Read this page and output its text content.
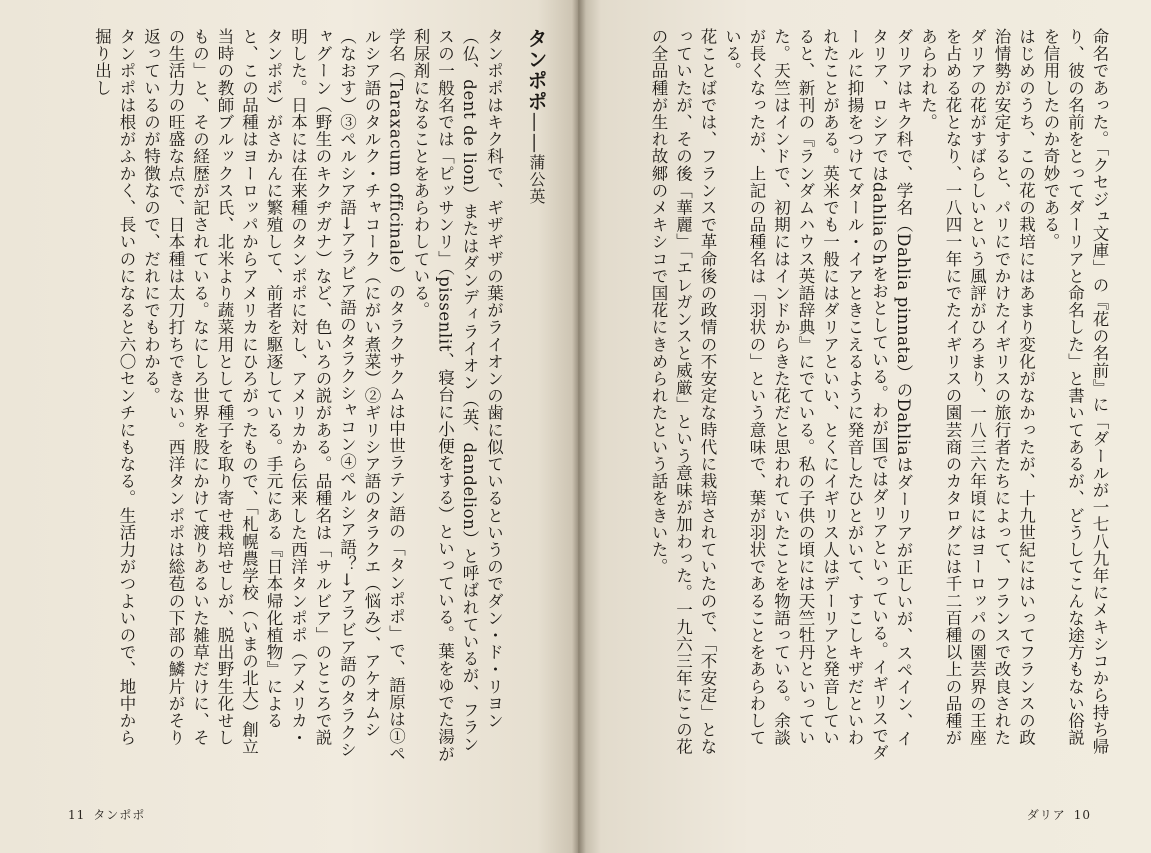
タンポポ——蒲公英

タンポポはキク科で、ギザギザの葉がライオンの歯に似ているというのでダン・ド・リヨン（仏、dent de lion）またはダンディライオン（英、dandelion）と呼ばれているが、フランスの一般名では「ピッサンリ」（pissenlit、寝台に小便をする）といっている。葉をゆでた湯が利尿剤になることをあらわしている。

学名（Taraxacum officinale）のタラクサクムは中世ラテン語の「タンポポ」で、語原は①ペルシア語のタルク・チャコーク（にがい煮菜）②ギリシア語のタラクエ（悩み）、アケオムシ（なおす）③ペルシア語→アラビア語のタラクシャコン④ペルシア語？→アラビア語のタラクシャグーン（野生のキクヂガナ）など、色いろの説がある。品種名は「サルビア」のところで説明した。日本には在来種のタンポポに対し、アメリカから伝来した西洋タンポポ（アメリカ・タンポポ）がさかんに繁殖して、前者を駆逐している。手元にある『日本帰化植物』によると、この品種はヨーロッパからアメリカにひろがったもので、「札幌農学校（いまの北大）創立当時の教師ブルックス氏、北米より蔬菜用として種子を取り寄せ栽培せしが、脱出野生化せしもの」と、その経歴が記されている。なにしろ世界を股にかけて渡りあるいた雑草だけに、その生活力の旺盛な点で、日本種は太刀打ちできない。西洋タンポポは総苞の下部の鱗片がそり返っているのが特徴なので、だれにでもわかる。

タンポポは根がふかく、長いのになると六〇センチにもなる。生活力がつよいので、地中から掘り出し

11 タンポポ

命名であった。「クセジュ文庫」の『花の名前』に「ダールが一七八九年にメキシコから持ち帰り、彼の名前をとってダーリアと命名した」と書いてあるが、どうしてこんな途方もない俗説を信用したのか奇妙である。

はじめのうち、この花の栽培にはあまり変化がなかったが、十九世紀にはいってフランスの政治情勢が安定すると、パリにでかけたイギリスの旅行者たちによって、フランスで改良されたダリアの花がすばらしいという風評がひろまり、一八三六年頃にはヨーロッパの園芸界の王座を占める花となり、一八四一年にでたイギリスの園芸商のカタログには千二百種以上の品種があらわれた。

ダリアはキク科で、学名（Dahlia pinnata）のDahliaはダーリアが正しいが、スペイン、イタリア、ロシアではdahliaのhをおとしている。わが国ではダリアといっている。イギリスでダールに抑揚をつけてダール・イアときこえるように発音したひとがいて、すこしキザだといわれたことがある。英米でも一般にはダリアといい、とくにイギリス人はデーリアと発音していると、新刊の『ランダムハウス英語辞典』にでている。私の子供の頃には天竺牡丹といっていた。天竺はインドで、初期にはインドからきた花だと思われていたことを物語っている。余談が長くなったが、上記の品種名は「羽状の」という意味で、葉が羽状であることをあらわしている。

花ことばでは、フランスで革命後の政情の不安定な時代に栽培されていたので、「不安定」となっていたが、その後「華麗」「エレガンスと威厳」という意味が加わった。一九六三年にこの花の全品種が生れ故郷のメキシコで国花にきめられたという話をきいた。

ダリア 10
